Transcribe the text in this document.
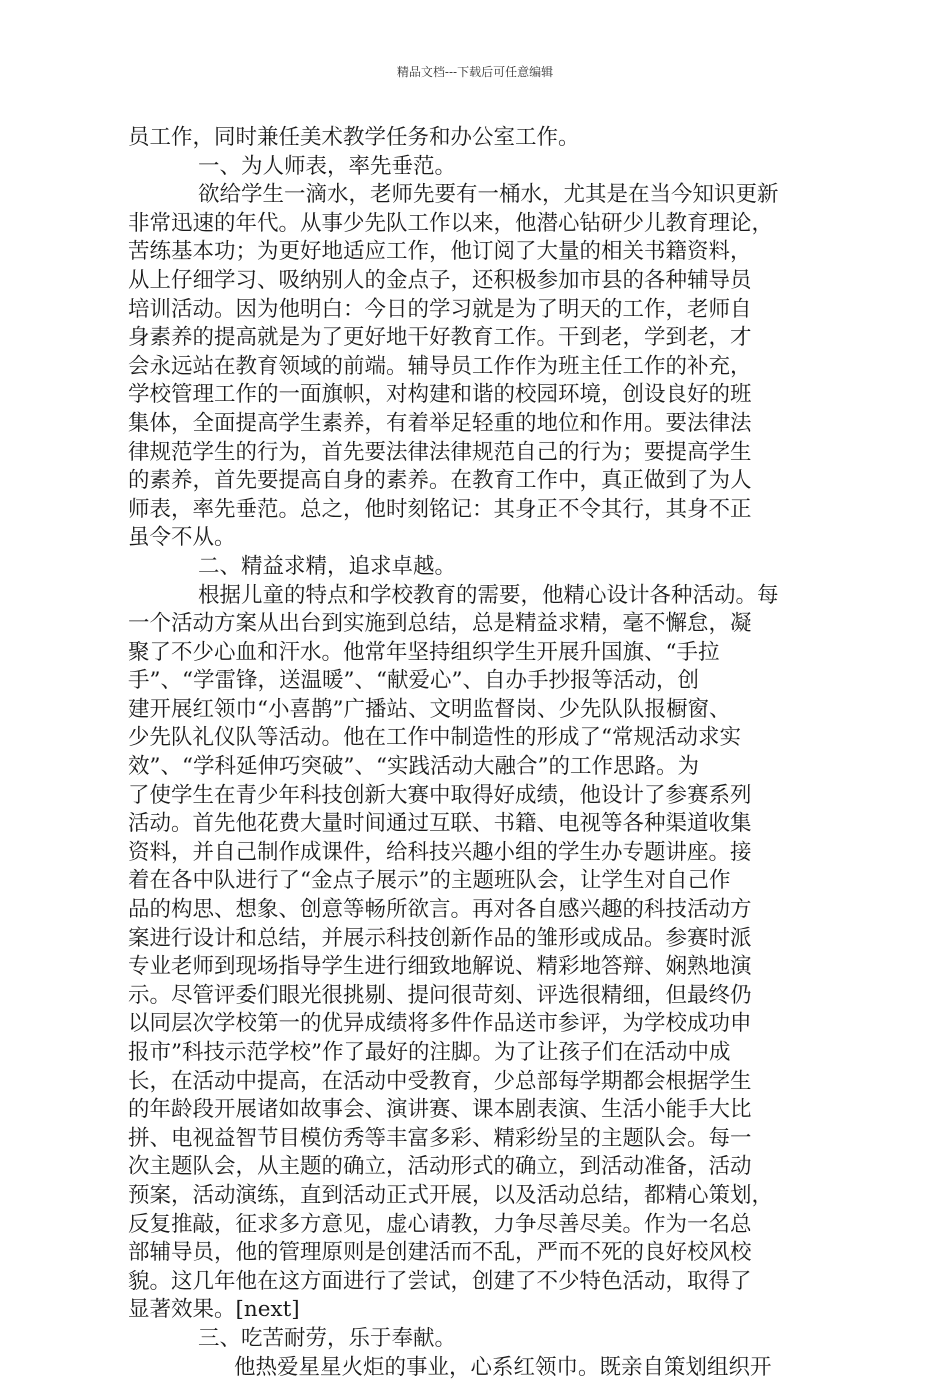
精品文档---下载后可任意编辑
员工作，同时兼任美术教学任务和办公室工作。
一、为人师表，率先垂范。
欲给学生一滴水，老师先要有一桶水，尤其是在当今知识更新
非常迅速的年代。从事少先队工作以来，他潜心钻研少儿教育理论，
苦练基本功；为更好地适应工作，他订阅了大量的相关书籍资料，
从上仔细学习、吸纳别人的金点子，还积极参加市县的各种辅导员
培训活动。因为他明白：今日的学习就是为了明天的工作，老师自
身素养的提高就是为了更好地干好教育工作。干到老，学到老，才
会永远站在教育领域的前端。辅导员工作作为班主任工作的补充，
学校管理工作的一面旗帜，对构建和谐的校园环境，创设良好的班
集体，全面提高学生素养，有着举足轻重的地位和作用。要法律法
律规范学生的行为，首先要法律法律规范自己的行为；要提高学生
的素养，首先要提高自身的素养。在教育工作中，真正做到了为人
师表，率先垂范。总之，他时刻铭记：其身正不令其行，其身不正
虽令不从。
二、精益求精，追求卓越。
根据儿童的特点和学校教育的需要，他精心设计各种活动。每
一个活动方案从出台到实施到总结，总是精益求精，毫不懈怠，凝
聚了不少心血和汗水。他常年坚持组织学生开展升国旗、“手拉
手”、“学雷锋，送温暖”、“献爱心”、自办手抄报等活动，创
建开展红领巾“小喜鹊”广播站、文明监督岗、少先队队报橱窗、
少先队礼仪队等活动。他在工作中制造性的形成了“常规活动求实
效”、“学科延伸巧突破”、“实践活动大融合”的工作思路。为
了使学生在青少年科技创新大赛中取得好成绩，他设计了参赛系列
活动。首先他花费大量时间通过互联、书籍、电视等各种渠道收集
资料，并自己制作成课件，给科技兴趣小组的学生办专题讲座。接
着在各中队进行了“金点子展示”的主题班队会，让学生对自己作
品的构思、想象、创意等畅所欲言。再对各自感兴趣的科技活动方
案进行设计和总结，并展示科技创新作品的雏形或成品。参赛时派
专业老师到现场指导学生进行细致地解说、精彩地答辩、娴熟地演
示。尽管评委们眼光很挑剔、提问很苛刻、评选很精细，但最终仍
以同层次学校第一的优异成绩将多件作品送市参评，为学校成功申
报市”科技示范学校”作了最好的注脚。为了让孩子们在活动中成
长，在活动中提高，在活动中受教育，少总部每学期都会根据学生
的年龄段开展诸如故事会、演讲赛、课本剧表演、生活小能手大比
拼、电视益智节目模仿秀等丰富多彩、精彩纷呈的主题队会。每一
次主题队会，从主题的确立，活动形式的确立，到活动准备，活动
预案，活动演练，直到活动正式开展，以及活动总结，都精心策划，
反复推敲，征求多方意见，虚心请教，力争尽善尽美。作为一名总
部辅导员，他的管理原则是创建活而不乱，严而不死的良好校风校
貌。这几年他在这方面进行了尝试，创建了不少特色活动，取得了
显著效果。[next]
三、吃苦耐劳，乐于奉献。
他热爱星星火炬的事业，心系红领巾。既亲自策划组织开
